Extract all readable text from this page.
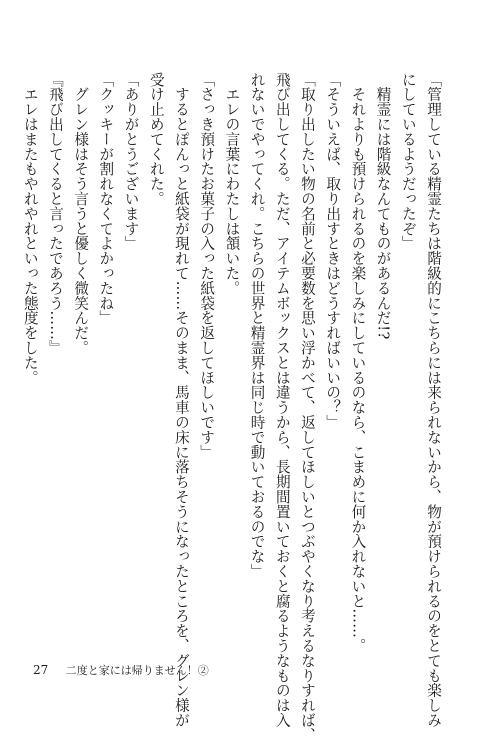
「管理している精霊たちは階級的にこちらには来られないから、物が預けられるのをとても楽しみ

にしているようだったぞ」

　精霊には階級なんてものがあるんだ!?

　それよりも預けられるのを楽しみにしているのなら、こまめに何か入れないと……。

「そういえば、取り出すときはどうすればいいの？」

「取り出したい物の名前と必要数を思い浮かべて、返してほしいとつぶやくなり考えるなりすれば、

飛び出してくる。ただ、アイテムボックスとは違うから、長期間置いておくと腐るようなものは入

れないでやってくれ。こちらの世界と精霊界は同じ時で動いておるのでな」

　エレの言葉にわたしは頷いた。

「さっき預けたお菓子の入った紙袋を返してほしいです」

　するとぽんっと紙袋が現れて……そのまま、馬車の床に落ちそうになったところを、グレン様が

受け止めてくれた。

「ありがとうございます」

「クッキーが割れなくてよかったね」

　グレン様はそう言うと優しく微笑んだ。

『飛び出してくると言ったであろう……』

　エレはまたもやれやれといった態度をした。

27 二度と家には帰りません！②
